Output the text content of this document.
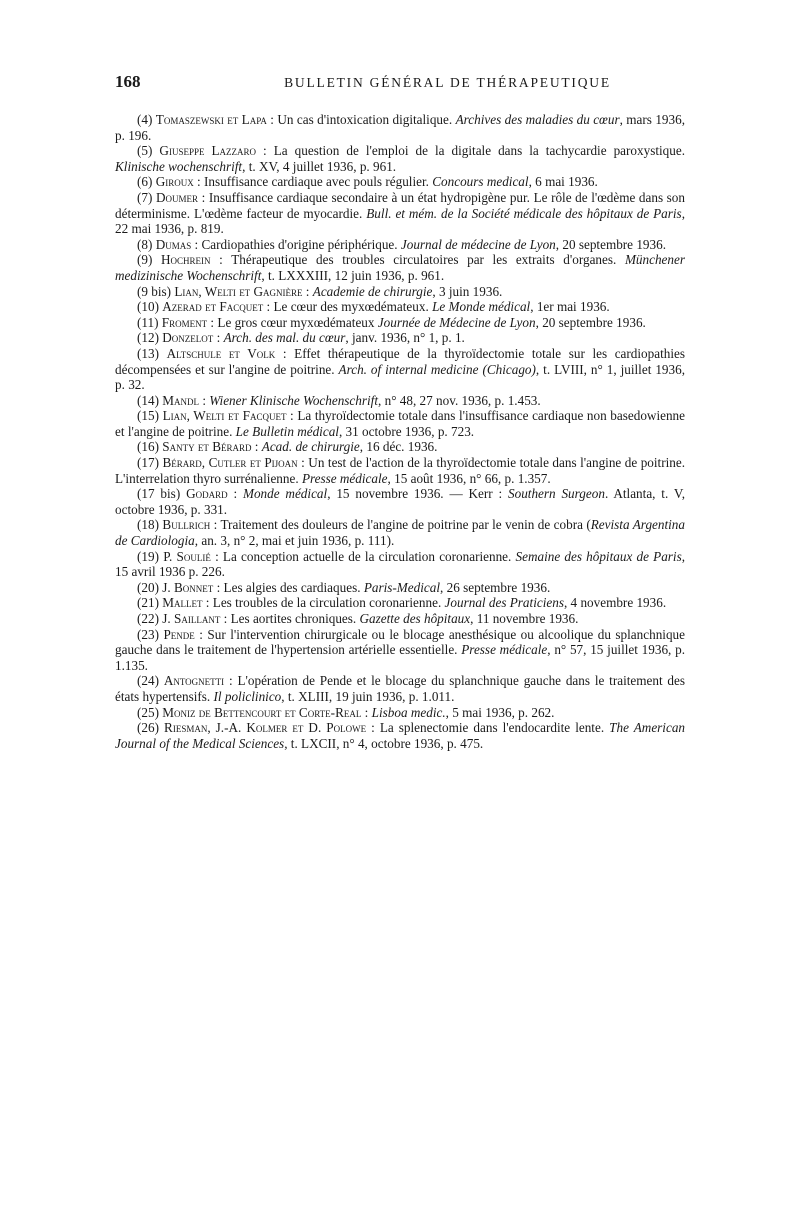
168	BULLETIN GÉNÉRAL DE THÉRAPEUTIQUE

(4) Tomaszewski et Lapa : Un cas d'intoxication digitalique. Archives des maladies du cœur, mars 1936, p. 196.

(5) Giuseppe Lazzaro : La question de l'emploi de la digitale dans la tachycardie paroxystique. Klinische wochenschrift, t. XV, 4 juillet 1936, p. 961.

(6) Giroux : Insuffisance cardiaque avec pouls régulier. Concours medical, 6 mai 1936.

(7) Doumer : Insuffisance cardiaque secondaire à un état hydropigène pur. Le rôle de l'œdème dans son déterminisme. L'œdème facteur de myocardie. Bull. et mém. de la Société médicale des hôpitaux de Paris, 22 mai 1936, p. 819.

(8) Dumas : Cardiopathies d'origine périphérique. Journal de médecine de Lyon, 20 septembre 1936.

(9) Hochrein : Thérapeutique des troubles circulatoires par les extraits d'organes. Münchener medizinische Wochenschrift, t. LXXXIII, 12 juin 1936, p. 961.

(9 bis) Lian, Welti et Gagnière : Academie de chirurgie, 3 juin 1936.

(10) Azerad et Facquet : Le cœur des myxœdémateux. Le Monde médical, 1er mai 1936.

(11) Froment : Le gros cœur myxœdémateux Journée de Médecine de Lyon, 20 septembre 1936.

(12) Donzelot : Arch. des mal. du cœur, janv. 1936, n° 1, p. 1.

(13) Altschule et Volk : Effet thérapeutique de la thyroïdectomie totale sur les cardiopathies décompensées et sur l'angine de poitrine. Arch. of internal medicine (Chicago), t. LVIII, n° 1, juillet 1936, p. 32.

(14) Mandl : Wiener Klinische Wochenschrift, n° 48, 27 nov. 1936, p. 1.453.

(15) Lian, Welti et Facquet : La thyroïdectomie totale dans l'insuffisance cardiaque non basedowienne et l'angine de poitrine. Le Bulletin médical, 31 octobre 1936, p. 723.

(16) Santy et Bérard : Acad. de chirurgie, 16 déc. 1936.

(17) Bérard, Cutler et Pijoan : Un test de l'action de la thyroïdectomie totale dans l'angine de poitrine. L'interrelation thyro surrénalienne. Presse médicale, 15 août 1936, n° 66, p. 1.357.

(17 bis) Godard : Monde médical, 15 novembre 1936. — Kerr : Southern Surgeon. Atlanta, t. V, octobre 1936, p. 331.

(18) Bullrich : Traitement des douleurs de l'angine de poitrine par le venin de cobra (Revista Argentina de Cardiologia, an. 3, n° 2, mai et juin 1936, p. 111).

(19) P. Soulié : La conception actuelle de la circulation coronarienne. Semaine des hôpitaux de Paris, 15 avril 1936 p. 226.

(20) J. Bonnet : Les algies des cardiaques. Paris-Medical, 26 septembre 1936.

(21) Mallet : Les troubles de la circulation coronarienne. Journal des Praticiens, 4 novembre 1936.

(22) J. Saillant : Les aortites chroniques. Gazette des hôpitaux, 11 novembre 1936.

(23) Pende : Sur l'intervention chirurgicale ou le blocage anesthésique ou alcoolique du splanchnique gauche dans le traitement de l'hypertension artérielle essentielle. Presse médicale, n° 57, 15 juillet 1936, p. 1.135.

(24) Antognetti : L'opération de Pende et le blocage du splanchnique gauche dans le traitement des états hypertensifs. Il policlinico, t. XLIII, 19 juin 1936, p. 1.011.

(25) Moniz de Bettencourt et Corte-Real : Lisboa medic., 5 mai 1936, p. 262.

(26) Riesman, J.-A. Kolmer et D. Polowe : La splenectomie dans l'endocardite lente. The American Journal of the Medical Sciences, t. LXCII, n° 4, octobre 1936, p. 475.
